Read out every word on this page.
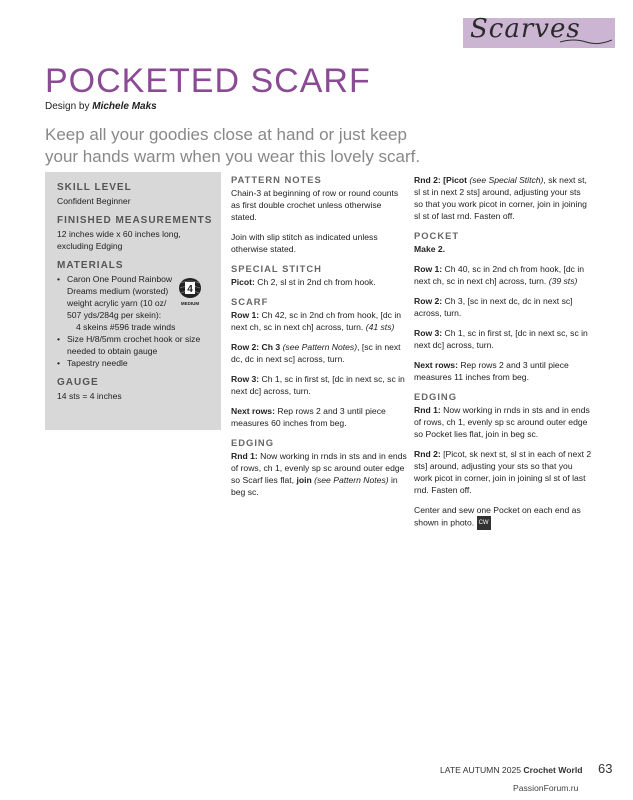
Scarves
POCKETED SCARF
Design by Michele Maks
Keep all your goodies close at hand or just keep your hands warm when you wear this lovely scarf.

SKILL LEVEL

Confident Beginner

FINISHED MEASUREMENTS

12 inches wide x 60 inches long, excluding Edging

MATERIALS

• Caron One Pound Rainbow Dreams medium (worsted) weight acrylic yarn (10 oz/ 507 yds/284g per skein):
4 skeins #596 trade winds
• Size H/8/5mm crochet hook or size needed to obtain gauge
• Tapestry needle

GAUGE

14 sts = 4 inches

4
MEDIUM

PATTERN NOTES

Chain-3 at beginning of row or round counts as first double crochet unless otherwise stated.

Join with slip stitch as indicated unless otherwise stated.

SPECIAL STITCH

Picot: Ch 2, sl st in 2nd ch from hook.

SCARF

Row 1: Ch 42, sc in 2nd ch from hook, [dc in next ch, sc in next ch] across, turn. (41 sts)

Row 2: Ch 3 (see Pattern Notes), [sc in next dc, dc in next sc] across, turn.

Row 3: Ch 1, sc in first st, [dc in next sc, sc in next dc] across, turn.

Next rows: Rep rows 2 and 3 until piece measures 60 inches from beg.

EDGING

Rnd 1: Now working in rnds in sts and in ends of rows, ch 1, evenly sp sc around outer edge so Scarf lies flat, join (see Pattern Notes) in beg sc.

Rnd 2: [Picot (see Special Stitch), sk next st, sl st in next 2 sts] around, adjusting your sts so that you work picot in corner, join in joining sl st of last rnd. Fasten off.

POCKET

Make 2.

Row 1: Ch 40, sc in 2nd ch from hook, [dc in next ch, sc in next ch] across, turn. (39 sts)

Row 2: Ch 3, [sc in next dc, dc in next sc] across, turn.

Row 3: Ch 1, sc in first st, [dc in next sc, sc in next dc] across, turn.

Next rows: Rep rows 2 and 3 until piece measures 11 inches from beg.

EDGING

Rnd 1: Now working in rnds in sts and in ends of rows, ch 1, evenly sp sc around outer edge so Pocket lies flat, join in beg sc.

Rnd 2: [Picot, sk next st, sl st in each of next 2 sts] around, adjusting your sts so that you work picot in corner, join in joining sl st of last rnd. Fasten off.

Center and sew one Pocket on each end as shown in photo. CW

LATE AUTUMN 2025 Crochet World 63
PassionForum.ru
